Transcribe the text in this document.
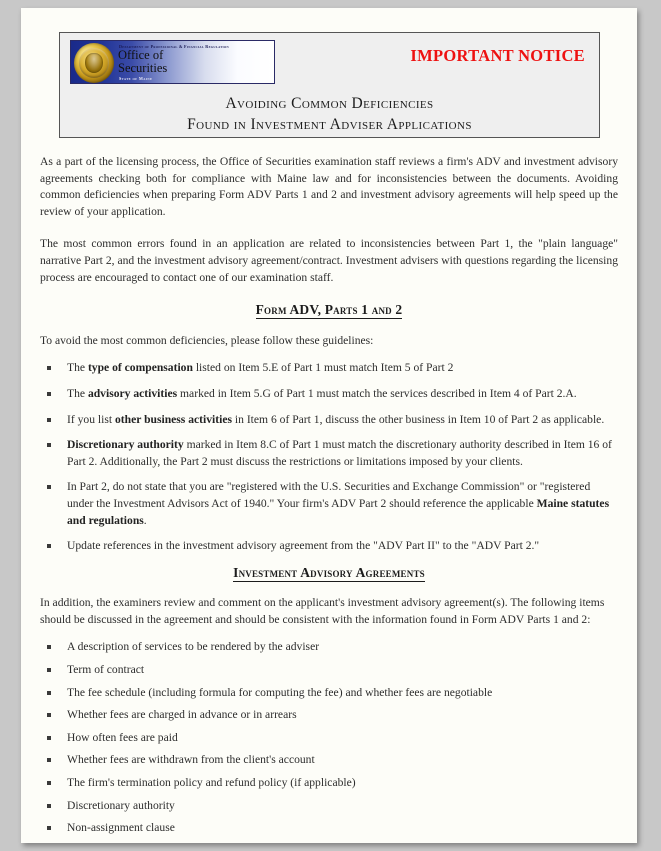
Department of Professional & Financial Regulation
Office of
Securities
State of Maine
IMPORTANT NOTICE
Avoiding Common Deficiencies
Found in Investment Adviser Applications

As a part of the licensing process, the Office of Securities examination staff reviews a firm's ADV and investment advisory agreements checking both for compliance with Maine law and for inconsistencies between the documents. Avoiding common deficiencies when preparing Form ADV Parts 1 and 2 and investment advisory agreements will help speed up the review of your application.

The most common errors found in an application are related to inconsistencies between Part 1, the "plain language" narrative Part 2, and the investment advisory agreement/contract. Investment advisers with questions regarding the licensing process are encouraged to contact one of our examination staff.

Form ADV, Parts 1 and 2

To avoid the most common deficiencies, please follow these guidelines:

The type of compensation listed on Item 5.E of Part 1 must match Item 5 of Part 2
The advisory activities marked in Item 5.G of Part 1 must match the services described in Item 4 of Part 2.A.
If you list other business activities in Item 6 of Part 1, discuss the other business in Item 10 of Part 2 as applicable.
Discretionary authority marked in Item 8.C of Part 1 must match the discretionary authority described in Item 16 of Part 2. Additionally, the Part 2 must discuss the restrictions or limitations imposed by your clients.
In Part 2, do not state that you are "registered with the U.S. Securities and Exchange Commission" or "registered under the Investment Advisors Act of 1940." Your firm's ADV Part 2 should reference the applicable Maine statutes and regulations.
Update references in the investment advisory agreement from the "ADV Part II" to the "ADV Part 2."
Investment Advisory Agreements

In addition, the examiners review and comment on the applicant's investment advisory agreement(s). The following items should be discussed in the agreement and should be consistent with the information found in Form ADV Parts 1 and 2:

A description of services to be rendered by the adviser
Term of contract
The fee schedule (including formula for computing the fee) and whether fees are negotiable
Whether fees are charged in advance or in arrears
How often fees are paid
Whether fees are withdrawn from the client's account
The firm's termination policy and refund policy (if applicable)
Discretionary authority
Non-assignment clause
